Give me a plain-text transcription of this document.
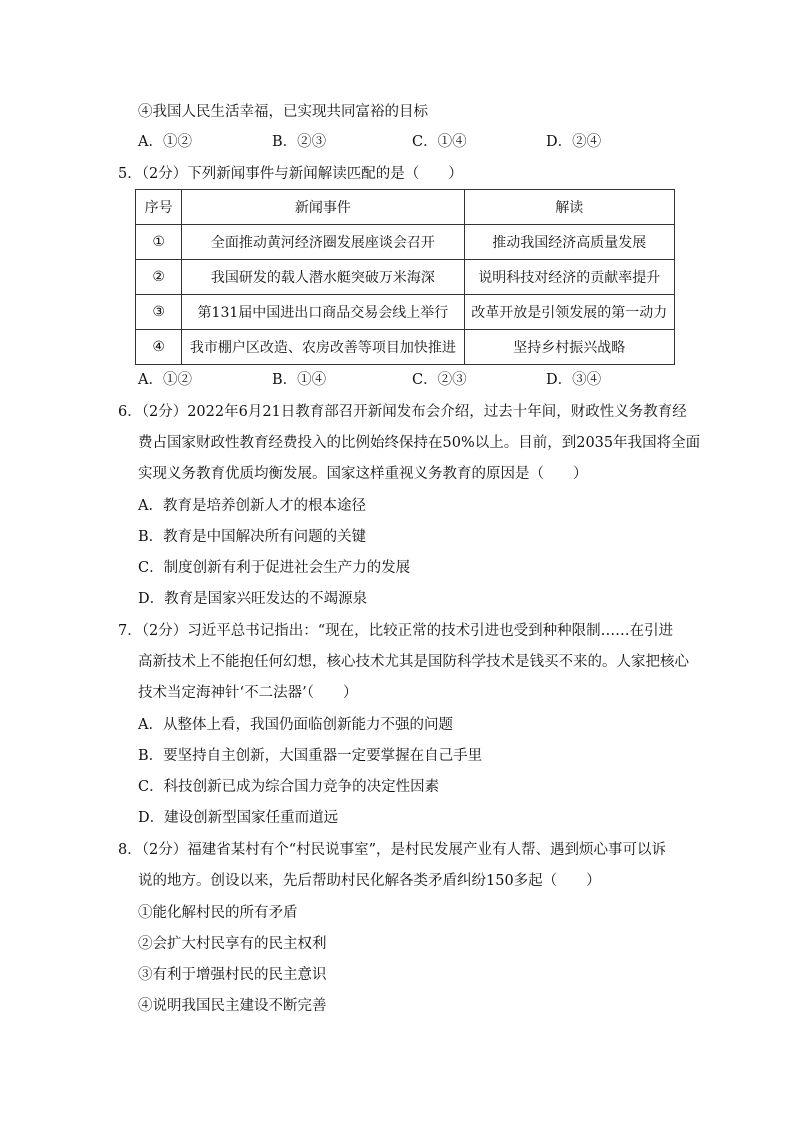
④我国人民生活幸福，已实现共同富裕的目标
A．①②	B．②③	C．①④	D．②④
5．（2分）下列新闻事件与新闻解读匹配的是（　　）
序号	新闻事件	解读
①	全面推动黄河经济圈发展座谈会召开	推动我国经济高质量发展
②	我国研发的载人潜水艇突破万米海深	说明科技对经济的贡献率提升
③	第131届中国进出口商品交易会线上举行	改革开放是引领发展的第一动力
④	我市棚户区改造、农房改善等项目加快推进	坚持乡村振兴战略
A．①②	B．①④	C．②③	D．③④
6．（2分）2022年6月21日教育部召开新闻发布会介绍，过去十年间，财政性义务教育经
费占国家财政性教育经费投入的比例始终保持在50%以上。目前，到2035年我国将全面
实现义务教育优质均衡发展。国家这样重视义务教育的原因是（　　）
A．教育是培养创新人才的根本途径
B．教育是中国解决所有问题的关键
C．制度创新有利于促进社会生产力的发展
D．教育是国家兴旺发达的不竭源泉
7．（2分）习近平总书记指出：“现在，比较正常的技术引进也受到种种限制……在引进
高新技术上不能抱任何幻想，核心技术尤其是国防科学技术是钱买不来的。人家把核心
技术当定海神针‘不二法器’（　　）
A．从整体上看，我国仍面临创新能力不强的问题
B．要坚持自主创新，大国重器一定要掌握在自己手里
C．科技创新已成为综合国力竞争的决定性因素
D．建设创新型国家任重而道远
8．（2分）福建省某村有个“村民说事室”，是村民发展产业有人帮、遇到烦心事可以诉
说的地方。创设以来，先后帮助村民化解各类矛盾纠纷150多起（　　）
①能化解村民的所有矛盾
②会扩大村民享有的民主权利
③有利于增强村民的民主意识
④说明我国民主建设不断完善
